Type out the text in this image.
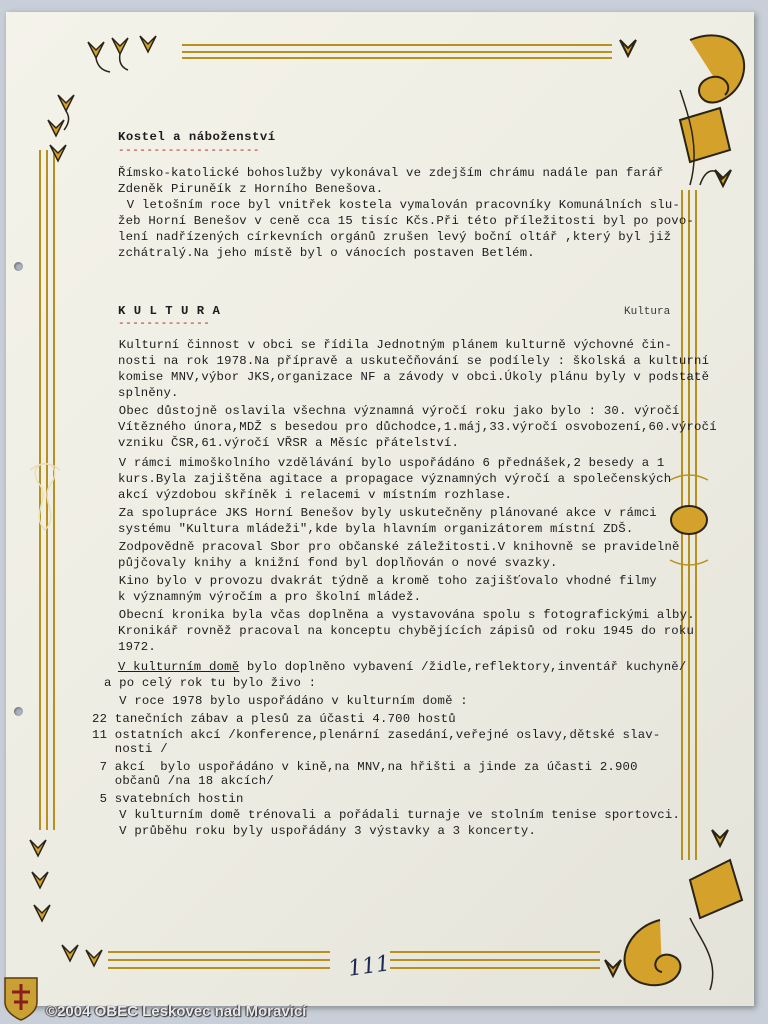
Kostel a náboženství
--------------------
Římsko-katolické bohoslužby vykonával ve zdejším chrámu nadále pan farář
Zdeněk Piruněík z Horního Benešova.
V letošním roce byl vnitřek kostela vymalován pracovníky Komunálních slu-
žeb Horní Benešov v ceně cca 15 tisíc Kčs.Při této příležitosti byl po povo-
lení nadřízených církevních orgánů zrušen levý boční oltář ,který byl již
zchátralý.Na jeho místě byl o vánocích postaven Betlém.
K U L T U R A
-------------
Kulturní činnost v obci se řídila Jednotným plánem kulturně výchovné čin-
nosti na rok 1978.Na přípravě a uskutečňování se podílely : školská a kulturní
komise MNV,výbor JKS,organizace NF a závody v obci.Úkoly plánu byly v podstatě
splněny.
Obec důstojně oslavila všechna významná výročí roku jako bylo : 30. výročí
Vítězného února,MDŽ s besedou pro důchodce,1.máj,33.výročí osvobození,60.výročí
vzniku ČSR,61.výročí VŘSR a Měsíc přátelství.
V rámci mimoškolního vzdělávání bylo uspořádáno 6 přednášek,2 besedy a 1
kurs.Byla zajištěna agitace a propagace významných výročí a společenských
akcí výzdobou skříněk i relacemi v místním rozhlase.
Za spolupráce JKS Horní Benešov byly uskutečněny plánované akce v rámci
systému "Kultura mládeži",kde byla hlavním organizátorem místní ZDŠ.
Zodpovědně pracoval Sbor pro občanské záležitosti.V knihovně se pravidelně
půjčovaly knihy a knižní fond byl doplňován o nové svazky.
Kino bylo v provozu dvakrát týdně a kromě toho zajišťovalo vhodné filmy
k významným výročím a pro školní mládež.
Obecní kronika byla včas doplněna a vystavována spolu s fotografickými alby.
Kronikář rovněž pracoval na konceptu chybějících zápisů od roku 1945 do roku
1972.
V kulturním domě bylo doplněno vybavení /židle,reflektory,inventář kuchyně/
a po celý rok tu bylo živo :
V roce 1978 bylo uspořádáno v kulturním domě :
22 tanečních zábav a plesů za účasti 4.700 hostů
11 ostatních akcí /konference,plenární zasedání,veřejné oslavy,dětské slav-
nosti /
7 akcí  bylo uspořádáno v kině,na MNV,na hřišti a jinde za účasti 2.900
občanů /na 18 akcích/
5 svatebních hostin
V kulturním domě trénovali a pořádali turnaje ve stolním tenise sportovci.
V průběhu roku byly uspořádány 3 výstavky a 3 koncerty.
Kultura
111
©2004 OBEC Leskovec nad Moravicí
